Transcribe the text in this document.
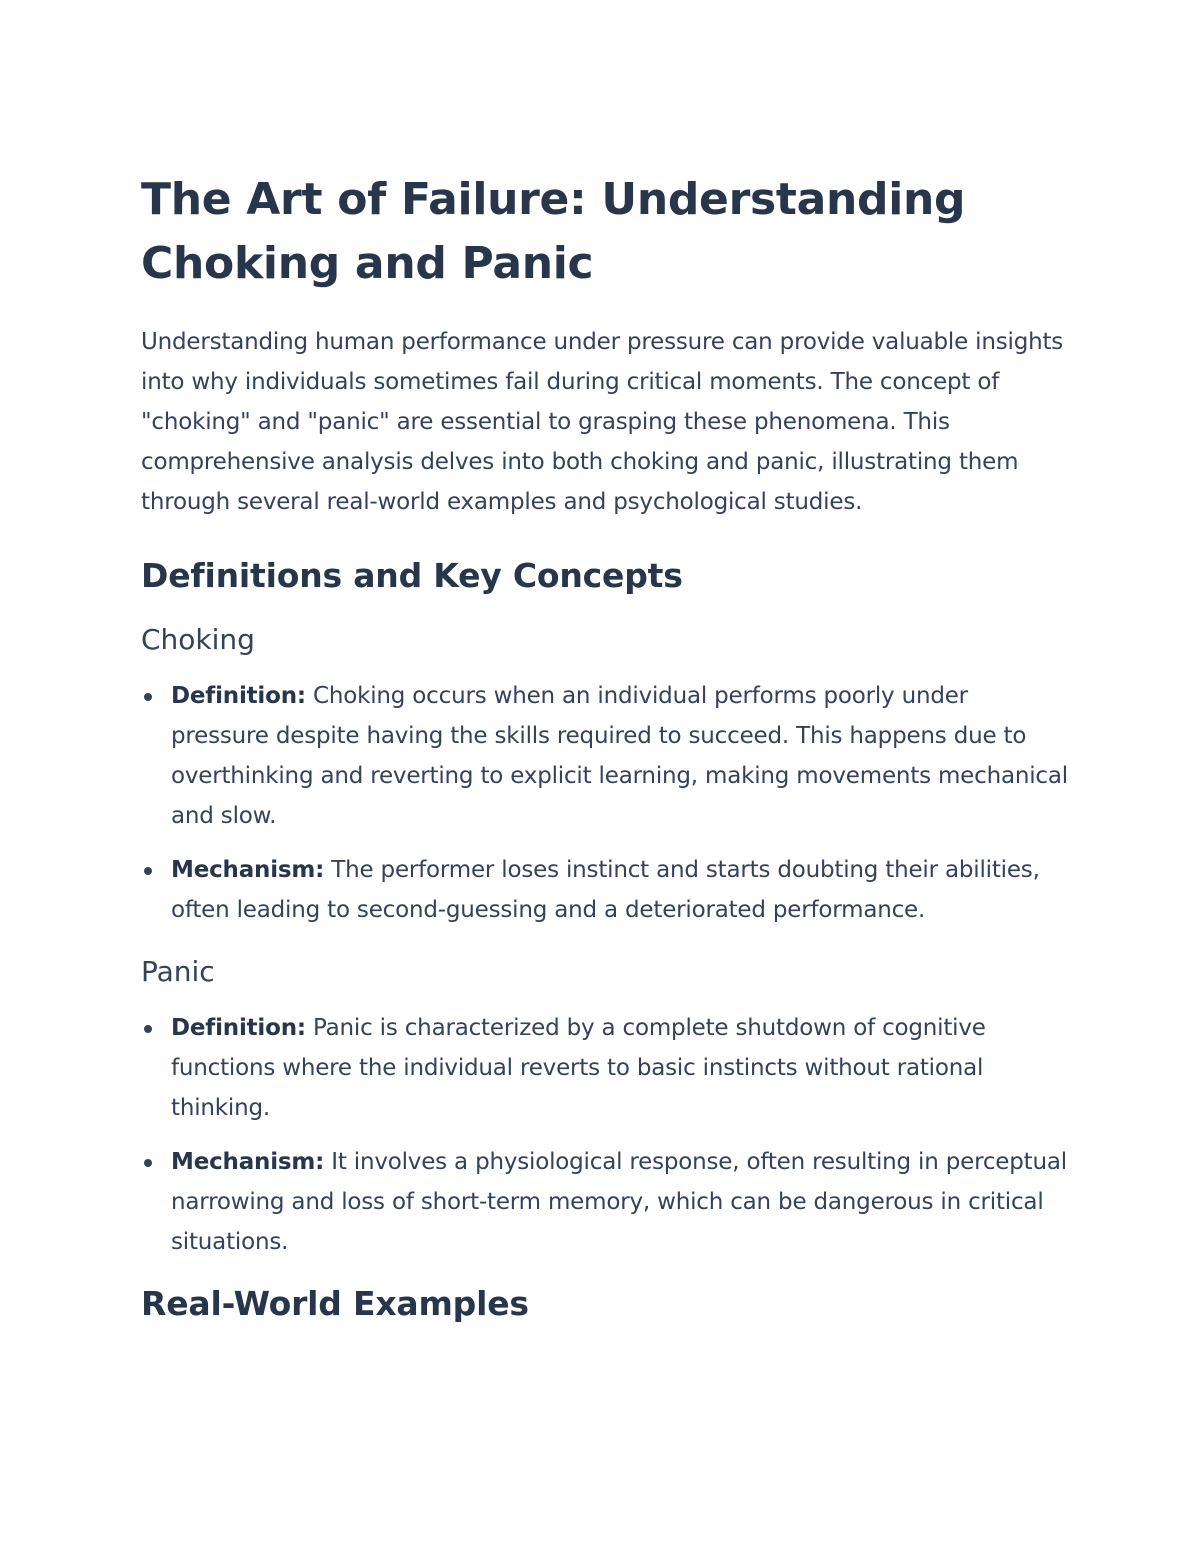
The Art of Failure: Understanding Choking and Panic

Understanding human performance under pressure can provide valuable insights into why individuals sometimes fail during critical moments. The concept of "choking" and "panic" are essential to grasping these phenomena. This comprehensive analysis delves into both choking and panic, illustrating them through several real-world examples and psychological studies.

Definitions and Key Concepts
Choking
Definition: Choking occurs when an individual performs poorly under pressure despite having the skills required to succeed. This happens due to overthinking and reverting to explicit learning, making movements mechanical and slow.
Mechanism: The performer loses instinct and starts doubting their abilities, often leading to second-guessing and a deteriorated performance.
Panic
Definition: Panic is characterized by a complete shutdown of cognitive functions where the individual reverts to basic instincts without rational thinking.
Mechanism: It involves a physiological response, often resulting in perceptual narrowing and loss of short-term memory, which can be dangerous in critical situations.
Real-World Examples
